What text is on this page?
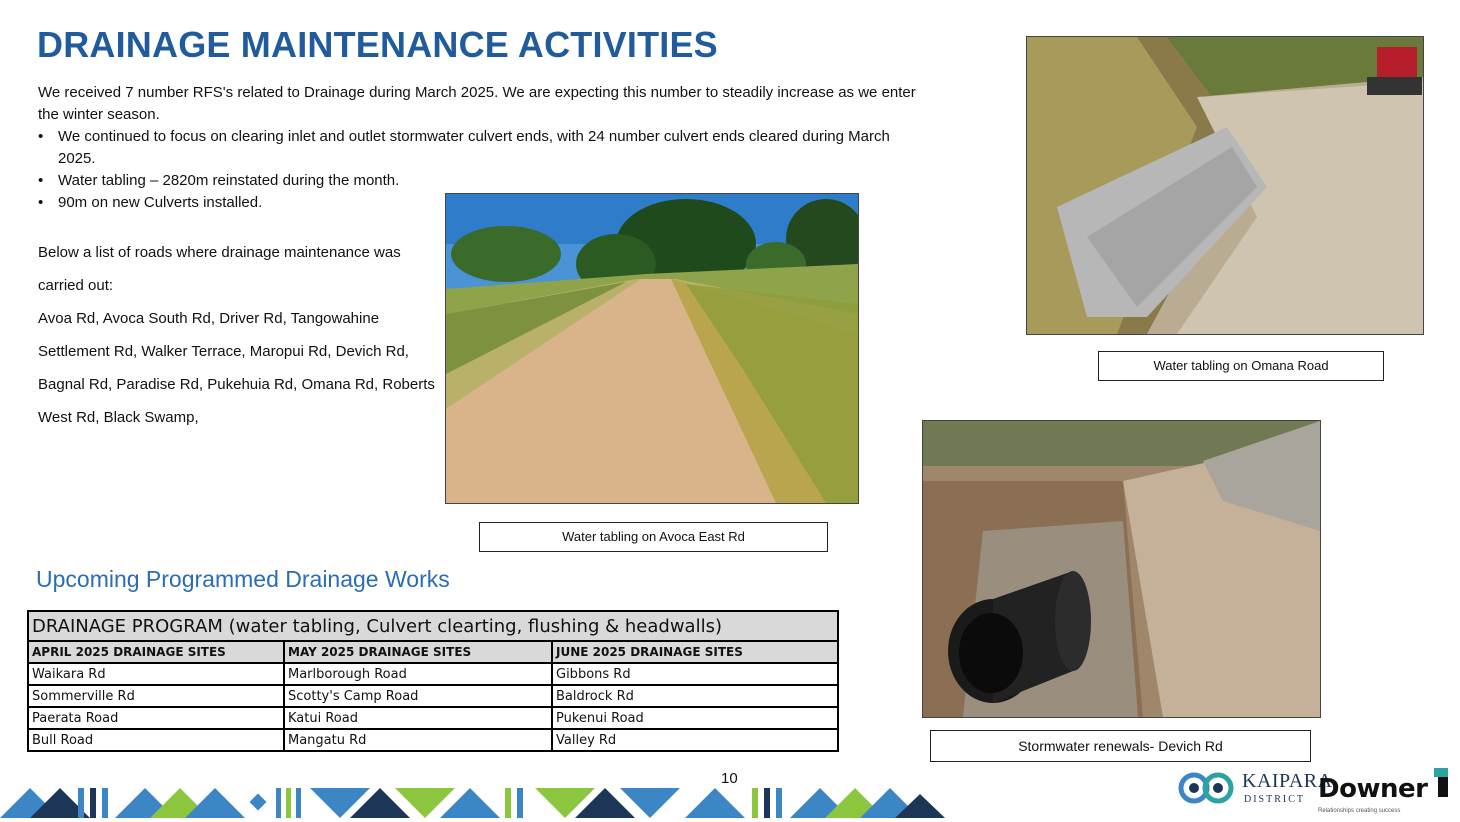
DRAINAGE MAINTENANCE ACTIVITIES
We received 7 number RFS's related to Drainage during March 2025. We are expecting this number to steadily increase as we enter the winter season.
• We continued to focus on clearing inlet and outlet stormwater culvert ends, with 24 number culvert ends cleared during March 2025.
• Water tabling – 2820m reinstated during the month.
• 90m on new Culverts installed.
Below a list of roads where drainage maintenance was carried out:
Avoa Rd, Avoca South Rd, Driver Rd, Tangowahine Settlement Rd, Walker Terrace, Maropui Rd, Devich Rd, Bagnal Rd, Paradise Rd, Pukehuia Rd, Omana Rd, Roberts West Rd, Black Swamp,
Water tabling on Avoca East Rd
Water tabling on Omana Road
Stormwater renewals- Devich Rd
Upcoming Programmed Drainage Works
DRAINAGE PROGRAM (water tabling, Culvert clearting, flushing & headwalls)		
APRIL 2025 DRAINAGE SITES	MAY 2025 DRAINAGE SITES	JUNE 2025 DRAINAGE SITES
Waikara Rd	Marlborough Road	Gibbons Rd
Sommerville Rd	Scotty's Camp Road	Baldrock Rd
Paerata Road	Katui Road	Pukenui Road
Bull Road	Mangatu Rd	Valley Rd
10	KAIPARA
DISTRICT Downer
Relationships creating success
